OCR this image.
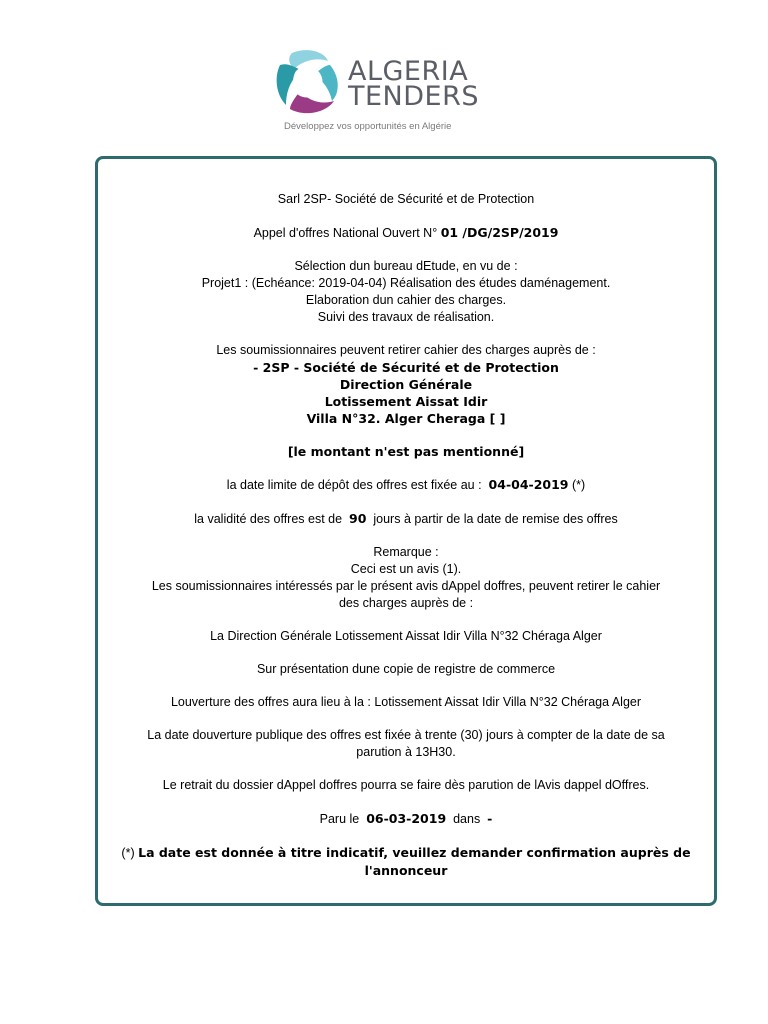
ALGERIA
TENDERS
Développez vos opportunités en Algérie

Sarl 2SP- Société de Sécurité et de Protection

Appel d'offres National Ouvert N° 01 /DG/2SP/2019

Sélection dun bureau dEtude, en vu de :

Projet1 : (Echéance: 2019-04-04) Réalisation des études daménagement.

Elaboration dun cahier des charges.

Suivi des travaux de réalisation.

Les soumissionnaires peuvent retirer cahier des charges auprès de :

- 2SP - Société de Sécurité et de Protection

Direction Générale

Lotissement Aissat Idir

Villa N°32. Alger Cheraga [ ]

[le montant n'est pas mentionné]

la date limite de dépôt des offres est fixée au : 04-04-2019 (*)

la validité des offres est de 90 jours à partir de la date de remise des offres

Remarque :

Ceci est un avis (1).

Les soumissionnaires intéressés par le présent avis dAppel doffres, peuvent retirer le cahier

des charges auprès de :

La Direction Générale Lotissement Aissat Idir Villa N°32 Chéraga Alger

Sur présentation dune copie de registre de commerce

Louverture des offres aura lieu à la : Lotissement Aissat Idir Villa N°32 Chéraga Alger

La date douverture publique des offres est fixée à trente (30) jours à compter de la date de sa

parution à 13H30.

Le retrait du dossier dAppel doffres pourra se faire dès parution de lAvis dappel dOffres.

Paru le 06-03-2019 dans -

(*) La date est donnée à titre indicatif, veuillez demander confirmation auprès de

l'annonceur
